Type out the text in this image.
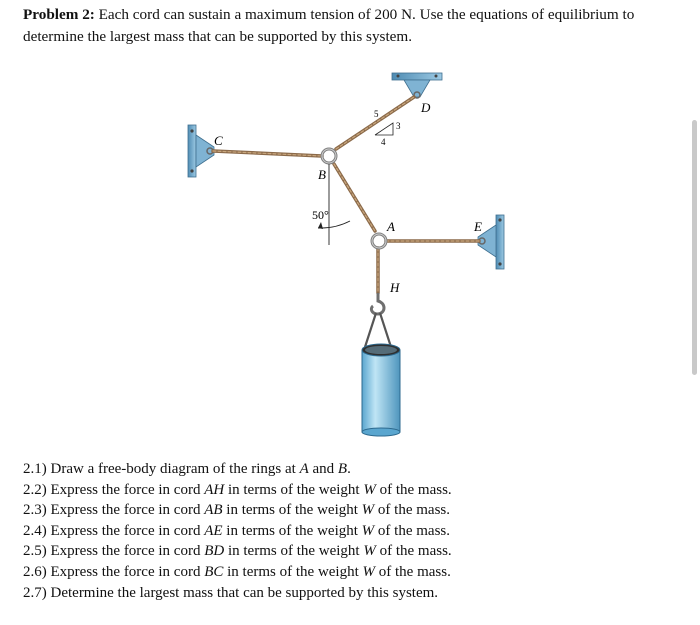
Problem 2: Each cord can sustain a maximum tension of 200 N. Use the equations of equilibrium to determine the largest mass that can be supported by this system.

C
B
D
A	E
H
50°
5
3
4
2.1) Draw a free-body diagram of the rings at A and B.
2.2) Express the force in cord AH in terms of the weight W of the mass.
2.3) Express the force in cord AB in terms of the weight W of the mass.
2.4) Express the force in cord AE in terms of the weight W of the mass.
2.5) Express the force in cord BD in terms of the weight W of the mass.
2.6) Express the force in cord BC in terms of the weight W of the mass.
2.7) Determine the largest mass that can be supported by this system.
